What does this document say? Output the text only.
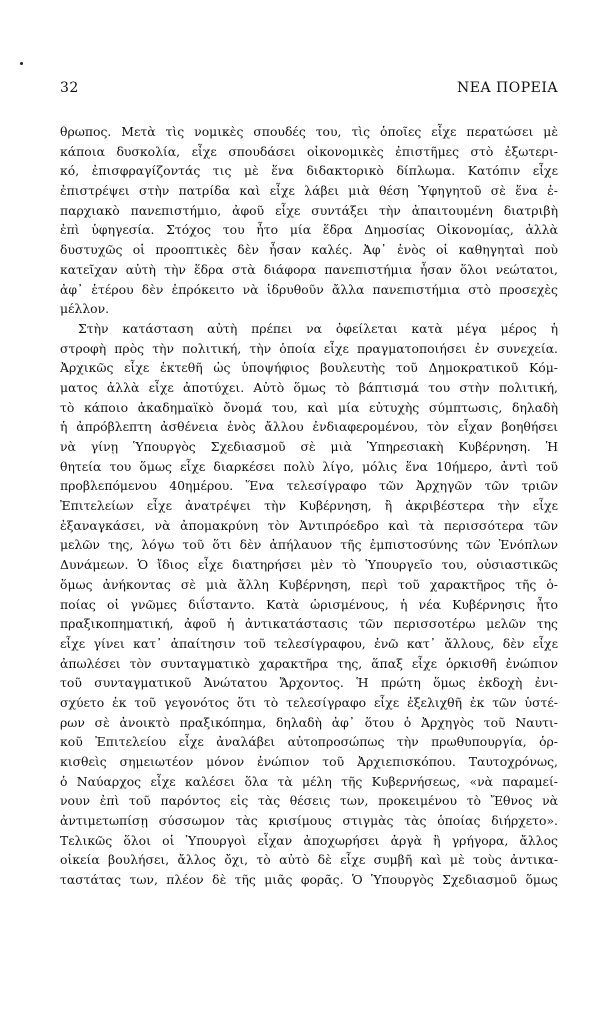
32	ΝΕΑ ΠΟΡΕΙΑ
θρωπος. Μετὰ τὶς νομικὲς σπουδές του, τὶς ὁποῖες εἶχε περατώσει μὲ
κάποια δυσκολία, εἶχε σπουδάσει οἰκονομικὲς ἐπιστῆμες στὸ ἐξωτερι-
κό, ἐπισφραγίζοντάς τις μὲ ἕνα διδακτορικὸ δίπλωμα. Κατόπιν εἶχε
ἐπιστρέψει στὴν πατρίδα καὶ εἶχε λάβει μιὰ θέση Ὑφηγητοῦ σὲ ἕνα ἐ-
παρχιακὸ πανεπιστήμιο, ἀφοῦ εἶχε συντάξει τὴν ἀπαιτουμένη διατριβὴ
ἐπὶ ὑφηγεσία. Στόχος του ἦτο μία ἕδρα Δημοσίας Οἰκονομίας, ἀλλὰ
δυστυχῶς οἱ προοπτικὲς δὲν ἦσαν καλές. Ἀφ᾽ ἑνὸς οἱ καθηγηταὶ ποὺ
κατεῖχαν αὐτὴ τὴν ἕδρα στὰ διάφορα πανεπιστήμια ἦσαν ὅλοι νεώτατοι,
ἀφ᾽ ἑτέρου δὲν ἐπρόκειτο νὰ ἱδρυθοῦν ἄλλα πανεπιστήμια στὸ προσεχὲς
μέλλον.
Στὴν κατάσταση αὐτὴ πρέπει να ὀφείλεται κατὰ μέγα μέρος ἡ
στροφὴ πρὸς τὴν πολιτική, τὴν ὁποία εἶχε πραγματοποιήσει ἐν συνεχεία.
Ἀρχικῶς εἶχε ἐκτεθῆ ὡς ὑποψήφιος βουλευτὴς τοῦ Δημοκρατικοῦ Κόμ-
ματος ἀλλὰ εἶχε ἀποτύχει. Αὐτὸ ὅμως τὸ βάπτισμά του στὴν πολιτική,
τὸ κάποιο ἀκαδημαϊκὸ ὄνομά του, καὶ μία εὐτυχὴς σύμπτωσις, δηλαδὴ
ἡ ἀπρόβλεπτη ἀσθένεια ἑνὸς ἄλλου ἐνδιαφερομένου, τὸν εἶχαν βοηθήσει
νὰ γίνῃ Ὑπουργὸς Σχεδιασμοῦ σὲ μιὰ Ὑπηρεσιακὴ Κυβέρνηση. Ἡ
θητεία του ὅμως εἶχε διαρκέσει πολὺ λίγο, μόλις ἕνα 10ήμερο, ἀντὶ τοῦ
προβλεπόμενου 40ημέρου. Ἕνα τελεσίγραφο τῶν Ἀρχηγῶν τῶν τριῶν
Ἐπιτελείων εἶχε ἀνατρέψει τὴν Κυβέρνηση, ἢ ἀκριβέστερα τὴν εἶχε
ἐξαναγκάσει, νὰ ἀπομακρύνη τὸν Ἀντιπρόεδρο καὶ τὰ περισσότερα τῶν
μελῶν της, λόγω τοῦ ὅτι δὲν ἀπήλαυον τῆς ἐμπιστοσύνης τῶν Ἐνόπλων
Δυνάμεων. Ὁ ἴδιος εἶχε διατηρήσει μὲν τὸ Ὑπουργεῖο του, οὐσιαστικῶς
ὅμως ἀνήκοντας σὲ μιὰ ἄλλη Κυβέρνηση, περὶ τοῦ χαρακτῆρος τῆς ὁ-
ποίας οἱ γνῶμες διΐσταντο. Κατὰ ὡρισμένους, ἡ νέα Κυβέρνησις ἦτο
πραξικοπηματική, ἀφοῦ ἡ ἀντικατάστασις τῶν περισσοτέρω μελῶν της
εἶχε γίνει κατ᾽ ἀπαίτησιν τοῦ τελεσίγραφου, ἐνῶ κατ᾽ ἄλλους, δὲν εἶχε
ἀπωλέσει τὸν συνταγματικὸ χαρακτῆρα της, ἅπαξ εἶχε ὁρκισθῆ ἐνώπιον
τοῦ συνταγματικοῦ Ἀνώτατου Ἄρχοντος. Ἡ πρώτη ὅμως ἐκδοχὴ ἐνι-
σχύετο ἐκ τοῦ γεγονότος ὅτι τὸ τελεσίγραφο εἶχε ἐξελιχθῆ ἐκ τῶν ὑστέ-
ρων σὲ ἀνοικτὸ πραξικόπημα, δηλαδὴ ἀφ᾽ ὅτου ὁ Ἀρχηγὸς τοῦ Ναυτι-
κοῦ Ἐπιτελείου εἶχε ἀναλάβει αὐτοπροσώπως τὴν πρωθυπουργία, ὁρ-
κισθεὶς σημειωτέον μόνον ἐνώπιον τοῦ Ἀρχιεπισκόπου. Ταυτοχρόνως,
ὁ Ναύαρχος εἶχε καλέσει ὅλα τὰ μέλη τῆς Κυβερνήσεως, «νὰ παραμεί-
νουν ἐπὶ τοῦ παρόντος εἰς τὰς θέσεις των, προκειμένου τὸ Ἔθνος νὰ
ἀντιμετωπίσῃ σύσσωμον τὰς κρισίμους στιγμὰς τὰς ὁποίας διήρχετο».
Τελικῶς ὅλοι οἱ Ὑπουργοὶ εἶχαν ἀποχωρήσει ἀργὰ ἢ γρήγορα, ἄλλος
οἰκεία βουλήσει, ἄλλος ὄχι, τὸ αὐτὸ δὲ εἶχε συμβῆ καὶ μὲ τοὺς ἀντικα-
ταστάτας των, πλέον δὲ τῆς μιᾶς φορᾶς. Ὁ Ὑπουργὸς Σχεδιασμοῦ ὅμως
